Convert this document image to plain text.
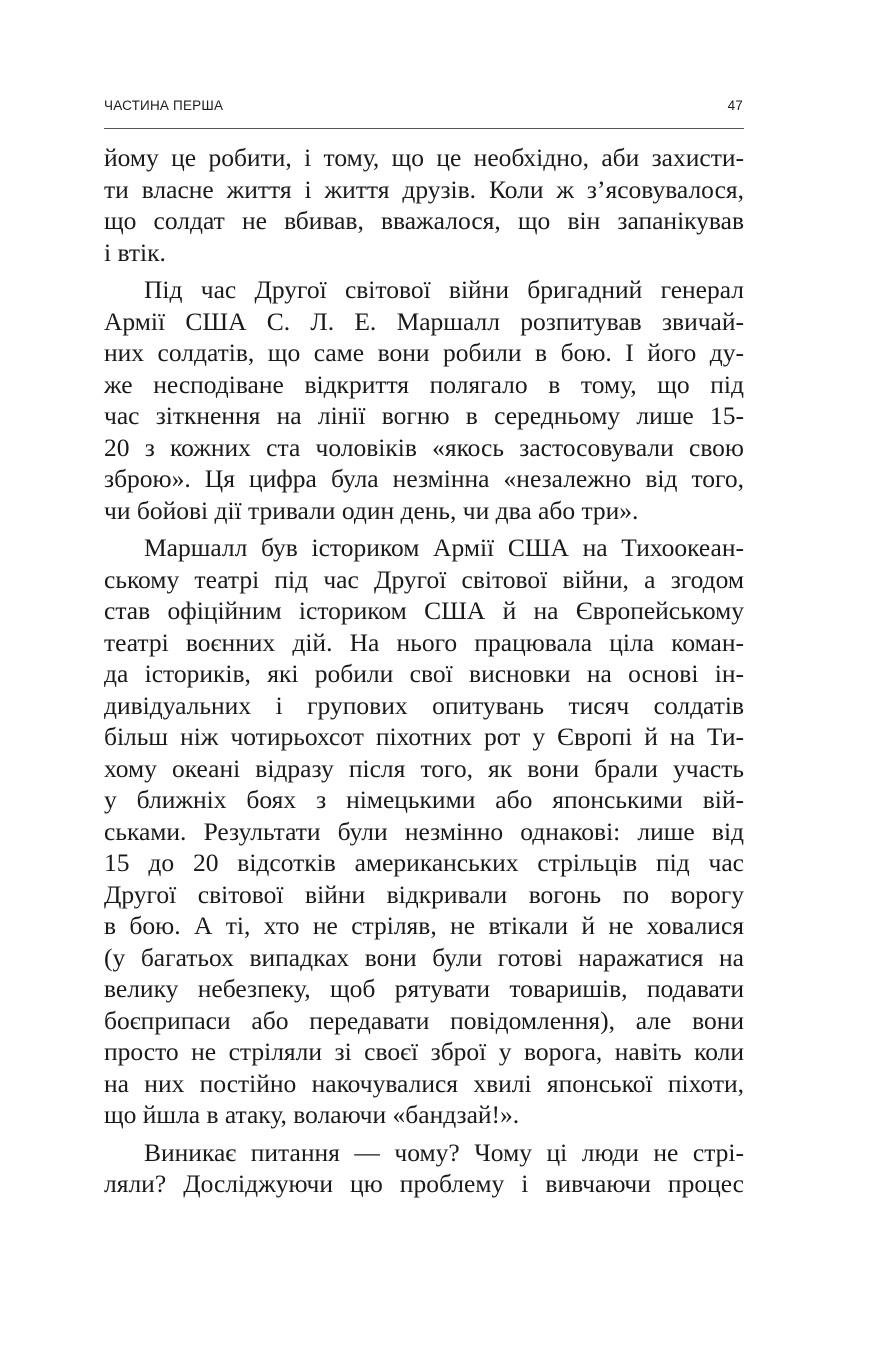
ЧАСТИНА ПЕРША	47
йому це робити, і тому, що це необхідно, аби захисти-
ти власне життя і життя друзів. Коли ж з’ясовувалося,
що солдат не вбивав, вважалося, що він запанікував
і втік.
Під час Другої світової війни бригадний генерал
Армії США С. Л. Е. Маршалл розпитував звичай-
них солдатів, що саме вони робили в бою. І його ду-
же несподіване відкриття полягало в тому, що під
час зіткнення на лінії вогню в середньому лише 15-
20 з кожних ста чоловіків «якось застосовували свою
зброю». Ця цифра була незмінна «незалежно від того,
чи бойові дії тривали один день, чи два або три».
Маршалл був істориком Армії США на Тихоокеан-
ському театрі під час Другої світової війни, а згодом
став офіційним істориком США й на Європейському
театрі воєнних дій. На нього працювала ціла коман-
да істориків, які робили свої висновки на основі ін-
дивідуальних і групових опитувань тисяч солдатів
більш ніж чотирьохсот піхотних рот у Європі й на Ти-
хому океані відразу після того, як вони брали участь
у ближніх боях з німецькими або японськими вій-
ськами. Результати були незмінно однакові: лише від
15 до 20 відсотків американських стрільців під час
Другої світової війни відкривали вогонь по ворогу
в бою. А ті, хто не стріляв, не втікали й не ховалися
(у багатьох випадках вони були готові наражатися на
велику небезпеку, щоб рятувати товаришів, подавати
боєприпаси або передавати повідомлення), але вони
просто не стріляли зі своєї зброї у ворога, навіть коли
на них постійно накочувалися хвилі японської піхоти,
що йшла в атаку, волаючи «бандзай!».
Виникає питання — чому? Чому ці люди не стрі-
ляли? Досліджуючи цю проблему і вивчаючи процес
